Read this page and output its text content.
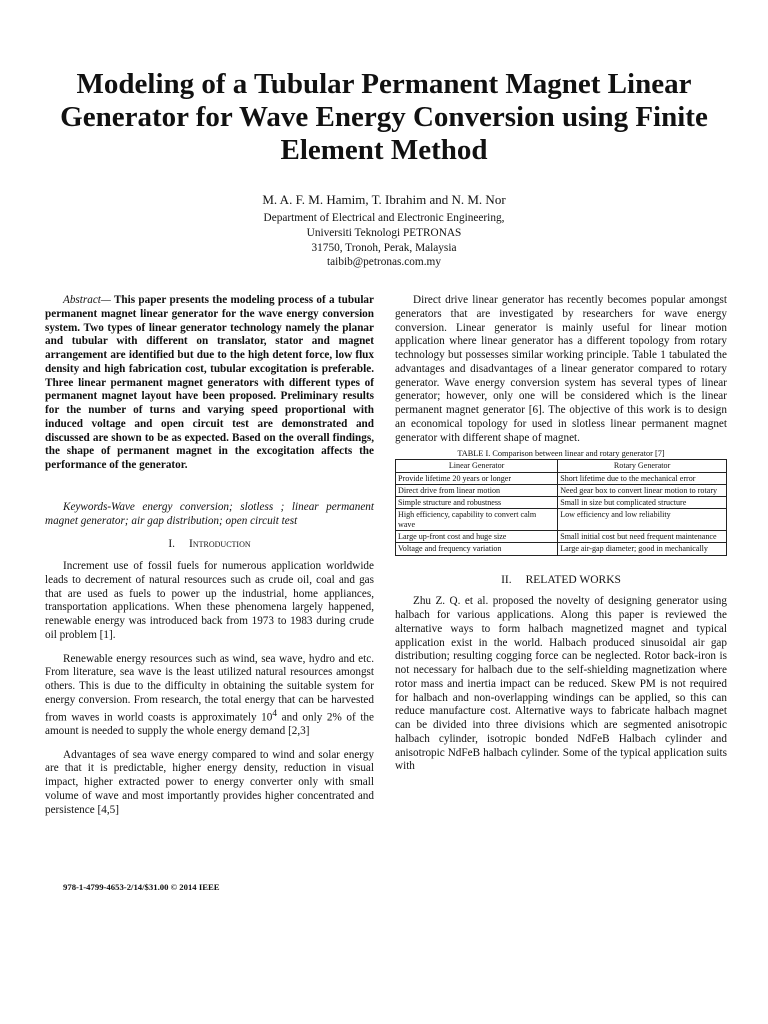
Modeling of a Tubular Permanent Magnet Linear Generator for Wave Energy Conversion using Finite Element Method
M. A. F. M. Hamim, T. Ibrahim and N. M. Nor
Department of Electrical and Electronic Engineering,
Universiti Teknologi PETRONAS
31750, Tronoh, Perak, Malaysia
taibib@petronas.com.my

Abstract— This paper presents the modeling process of a tubular permanent magnet linear generator for the wave energy conversion system. Two types of linear generator technology namely the planar and tubular with different on translator, stator and magnet arrangement are identified but due to the high detent force, low flux density and high fabrication cost, tubular excogitation is preferable. Three linear permanent magnet generators with different types of permanent magnet layout have been proposed. Preliminary results for the number of turns and varying speed proportional with induced voltage and open circuit test are demonstrated and discussed are shown to be as expected. Based on the overall findings, the shape of permanent magnet in the excogitation affects the performance of the generator.

Keywords-Wave energy conversion; slotless ; linear permanent magnet generator; air gap distribution; open circuit test

I. Introduction

Increment use of fossil fuels for numerous application worldwide leads to decrement of natural resources such as crude oil, coal and gas that are used as fuels to power up the industrial, home appliances, transportation applications. When these phenomena largely happened, renewable energy was introduced back from 1973 to 1983 during crude oil problem [1].

Renewable energy resources such as wind, sea wave, hydro and etc. From literature, sea wave is the least utilized natural resources amongst others. This is due to the difficulty in obtaining the suitable system for energy conversion. From research, the total energy that can be harvested from waves in world coasts is approximately $10^4$ and only 2% of the amount is needed to supply the whole energy demand [2,3]

Advantages of sea wave energy compared to wind and solar energy are that it is predictable, higher energy density, reduction in visual impact, higher extracted power to energy converter only with small volume of wave and most importantly provides higher concentrated and persistence [4,5]

Direct drive linear generator has recently becomes popular amongst generators that are investigated by researchers for wave energy conversion. Linear generator is mainly useful for linear motion application where linear generator has a different topology from rotary technology but possesses similar working principle. Table 1 tabulated the advantages and disadvantages of a linear generator compared to rotary generator. Wave energy conversion system has several types of linear generator; however, only one will be considered which is the linear permanent magnet generator [6]. The objective of this work is to design an economical topology for used in slotless linear permanent magnet generator with different shape of magnet.

TABLE I. Comparison between linear and rotary generator [7]
Linear Generator	Rotary Generator
Provide lifetime 20 years or longer	Short lifetime due to the mechanical error
Direct drive from linear motion	Need gear box to convert linear motion to rotary
Simple structure and robustness	Small in size but complicated structure
High efficiency, capability to convert calm wave	Low efficiency and low reliability
Large up-front cost and huge size	Small initial cost but need frequent maintenance
Voltage and frequency variation	Large air-gap diameter; good in mechanically
II. RELATED WORKS

Zhu Z. Q. et al. proposed the novelty of designing generator using halbach for various applications. Along this paper is reviewed the alternative ways to form halbach magnetized magnet and typical application exist in the world. Halbach produced sinusoidal air gap distribution; resulting cogging force can be neglected. Rotor back-iron is not necessary for halbach due to the self-shielding magnetization where rotor mass and inertia impact can be reduced. Skew PM is not required for halbach and non-overlapping windings can be applied, so this can reduce manufacture cost. Alternative ways to fabricate halbach magnet can be divided into three divisions which are segmented anisotropic halbach cylinder, isotropic bonded NdFeB Halbach cylinder and anisotropic NdFeB halbach cylinder. Some of the typical application suits with

978-1-4799-4653-2/14/$31.00 © 2014 IEEE
